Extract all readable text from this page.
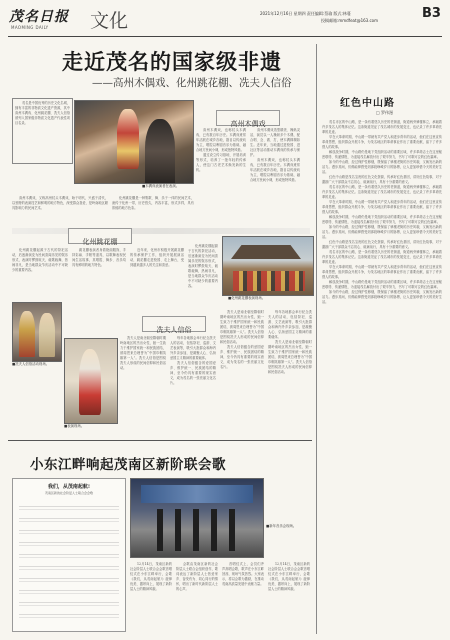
茂名日报
MAOMING DAILY 文化	2021年12月16日 星期四 责任编辑:蔡瑜 版式:林蔓
投稿邮箱:mmdfeat@163.com	B3
走近茂名的国家级非遗
——高州木偶戏、化州跳花棚、冼夫人信俗

茂名是中国优秀的历史文化名城，拥有丰富的非物质文化遗产资源，其中高州木偶戏、化州跳花棚、冼夫人信俗被列入国家级非物质文化遗产代表性项目名录。

高州木偶戏，又称高州杖头木偶戏，始于明代，兴盛于清代，以独特的表演技艺和鲜明的地方特色，深受群众喜爱，是岭南地区颇具影响力的民间艺术。

化州跳花棚是一种集歌、舞、乐于一体的民间艺术，流传于化州一带，历史悠久，内容丰富，形式多样，具有浓郁的地方色彩。

■木偶戏表演者在表演。
高州木偶戏

高州木偶戏，也称杖头木偶戏，已有数百年历史。木偶戏班常年活跃在城乡各地，剧目以传统戏为主，唱腔以粤剧音乐为基础，融合地方民间小调，形成独特风格。

通过设立传习基地、开展培训等形式，培养了一批年轻的传承人，使这门古老艺术焕发新的生机。

高州木偶戏造型精美、操纵灵活，演员以一人操纵多个木偶，配合唱、念、做、打，使木偶栩栩如生。近年来，当地通过进校园、进社区等活动推动木偶戏的传承与保护。

高州木偶戏，也称杖头木偶戏，已有数百年历史。木偶戏班常年活跃在城乡各地，剧目以传统戏为主，唱腔以粤剧音乐为基础，融合地方民间小调，形成独特风格。

化州跳花棚

化州跳花棚起源于古代的祭祀活动，后逐渐演变为民间喜闻乐见的娱乐形式，表演时锣鼓喧天，载歌载舞，热闹非凡，是当地群众节庆活动中不可缺少的重要内容。

跳花棚表演者身着艳丽服饰，手持彩扇、手帕等道具，以歌舞表现民间生活故事，其唱腔、舞步、音乐均具有鲜明的地方特色。

近年来，化州市积极开展跳花棚的传承保护工作，组织开展展演活动，跳花棚走进校园、走上舞台，受到越来越多人的关注和喜爱。

化州跳花棚起源于古代的祭祀活动，后逐渐演变为民间喜闻乐见的娱乐形式，表演时锣鼓喧天，载歌载舞，热闹非凡，是当地群众节庆活动中不可缺少的重要内容。

■化州跳花棚表演现场。
■冼夫人信俗活动现场。
冼夫人信俗

冼夫人是南北朝至隋朝时期岭南地区的杰出女性，她一生致力于维护国家统一和民族团结，被周恩来总理誉为“中国巾帼英雄第一人”。冼夫人信俗是围绕冼夫人形成的民间信仰和民俗活动。

每年各地都会举行纪念冼夫人的活动，包括祭祀、巡游、文艺表演等，吸引大批群众和海内外乡亲参加，是凝聚人心、弘扬爱国主义精神的重要载体。

冼夫人信俗蕴含的爱国爱乡、维护统一、民族团结的精神，至今仍具有重要的现实意义，成为茂名的一张亮丽文化名片。

冼夫人是南北朝至隋朝时期岭南地区的杰出女性，她一生致力于维护国家统一和民族团结，被周恩来总理誉为“中国巾帼英雄第一人”。冼夫人信俗是围绕冼夫人形成的民间信仰和民俗活动。

冼夫人信俗蕴含的爱国爱乡、维护统一、民族团结的精神，至今仍具有重要的现实意义，成为茂名的一张亮丽文化名片。

每年各地都会举行纪念冼夫人的活动，包括祭祀、巡游、文艺表演等，吸引大批群众和海内外乡亲参加，是凝聚人心、弘扬爱国主义精神的重要载体。

冼夫人是南北朝至隋朝时期岭南地区的杰出女性，她一生致力于维护国家统一和民族团结，被周恩来总理誉为“中国巾帼英雄第一人”。冼夫人信俗是围绕冼夫人形成的民间信仰和民俗活动。

■表演现场。
小东江畔响起茂南区新阶联会歌
我们，从茂南起航!
茂南区新的社会阶层人士联合会会歌
■新年音乐会现场。

12月14日，茂南区新的社会阶层人士联合会会歌首唱仪式在小东江畔举行，会歌《我们，从茂南起航!》旋律优美、激昂向上，展现了新阶层人士的精神风貌。

会歌由茂南区新的社会阶层人士联合会组织创作，歌词表达了新阶层人士热爱家乡、奋发有为、同心同行的情怀，唱出了新时代新阶层人士的心声。

首唱仪式上，会员们齐声高唱会歌，歌声在小东江畔回荡，现场气氛热烈。大家表示，将以会歌为激励，在推动茂南高质量发展中贡献力量。

12月14日，茂南区新的社会阶层人士联合会会歌首唱仪式在小东江畔举行，会歌《我们，从茂南起航!》旋律优美、激昂向上，展现了新阶层人士的精神风貌。

红色中山路
□ 罗伟漫

茂名市区的中山路，是一条有着悠久历史的老街道，街道两旁骑楼林立，承载着许多茂名人的集体记忆。这条街道见证了茂名城市的发展变迁，也记录了许多革命先辈的足迹。

早在大革命时期，中山路一带就有共产党人和进步青年的活动，他们在这里宣传革命思想，组织群众开展斗争，为茂名地区的革命事业作出了重要贡献，留下了许多感人的故事。

解放战争时期，中山路仍是地下党组织活动的重要区域，许多革命志士在这里秘密联络、传递情报，为迎接茂名解放付出了艰辛努力，书写了可歌可泣的红色篇章。

如今的中山路，经过保护性修缮，既保留了骑楼老街的历史风貌，又焕发出新的活力。漫步其间，仿佛能够感受到那段峥嵘岁月的脉搏，让人更加珍惜今天的美好生活。

红色中山路是茂名宝贵的红色文化资源，传承好红色基因，讲好红色故事，对于激励广大干部群众不忘初心、砥砺前行，具有十分重要的意义。

茂名市区的中山路，是一条有着悠久历史的老街道，街道两旁骑楼林立，承载着许多茂名人的集体记忆。这条街道见证了茂名城市的发展变迁，也记录了许多革命先辈的足迹。

早在大革命时期，中山路一带就有共产党人和进步青年的活动，他们在这里宣传革命思想，组织群众开展斗争，为茂名地区的革命事业作出了重要贡献，留下了许多感人的故事。

解放战争时期，中山路仍是地下党组织活动的重要区域，许多革命志士在这里秘密联络、传递情报，为迎接茂名解放付出了艰辛努力，书写了可歌可泣的红色篇章。

如今的中山路，经过保护性修缮，既保留了骑楼老街的历史风貌，又焕发出新的活力。漫步其间，仿佛能够感受到那段峥嵘岁月的脉搏，让人更加珍惜今天的美好生活。

红色中山路是茂名宝贵的红色文化资源，传承好红色基因，讲好红色故事，对于激励广大干部群众不忘初心、砥砺前行，具有十分重要的意义。

茂名市区的中山路，是一条有着悠久历史的老街道，街道两旁骑楼林立，承载着许多茂名人的集体记忆。这条街道见证了茂名城市的发展变迁，也记录了许多革命先辈的足迹。

早在大革命时期，中山路一带就有共产党人和进步青年的活动，他们在这里宣传革命思想，组织群众开展斗争，为茂名地区的革命事业作出了重要贡献，留下了许多感人的故事。

解放战争时期，中山路仍是地下党组织活动的重要区域，许多革命志士在这里秘密联络、传递情报，为迎接茂名解放付出了艰辛努力，书写了可歌可泣的红色篇章。

如今的中山路，经过保护性修缮，既保留了骑楼老街的历史风貌，又焕发出新的活力。漫步其间，仿佛能够感受到那段峥嵘岁月的脉搏，让人更加珍惜今天的美好生活。
